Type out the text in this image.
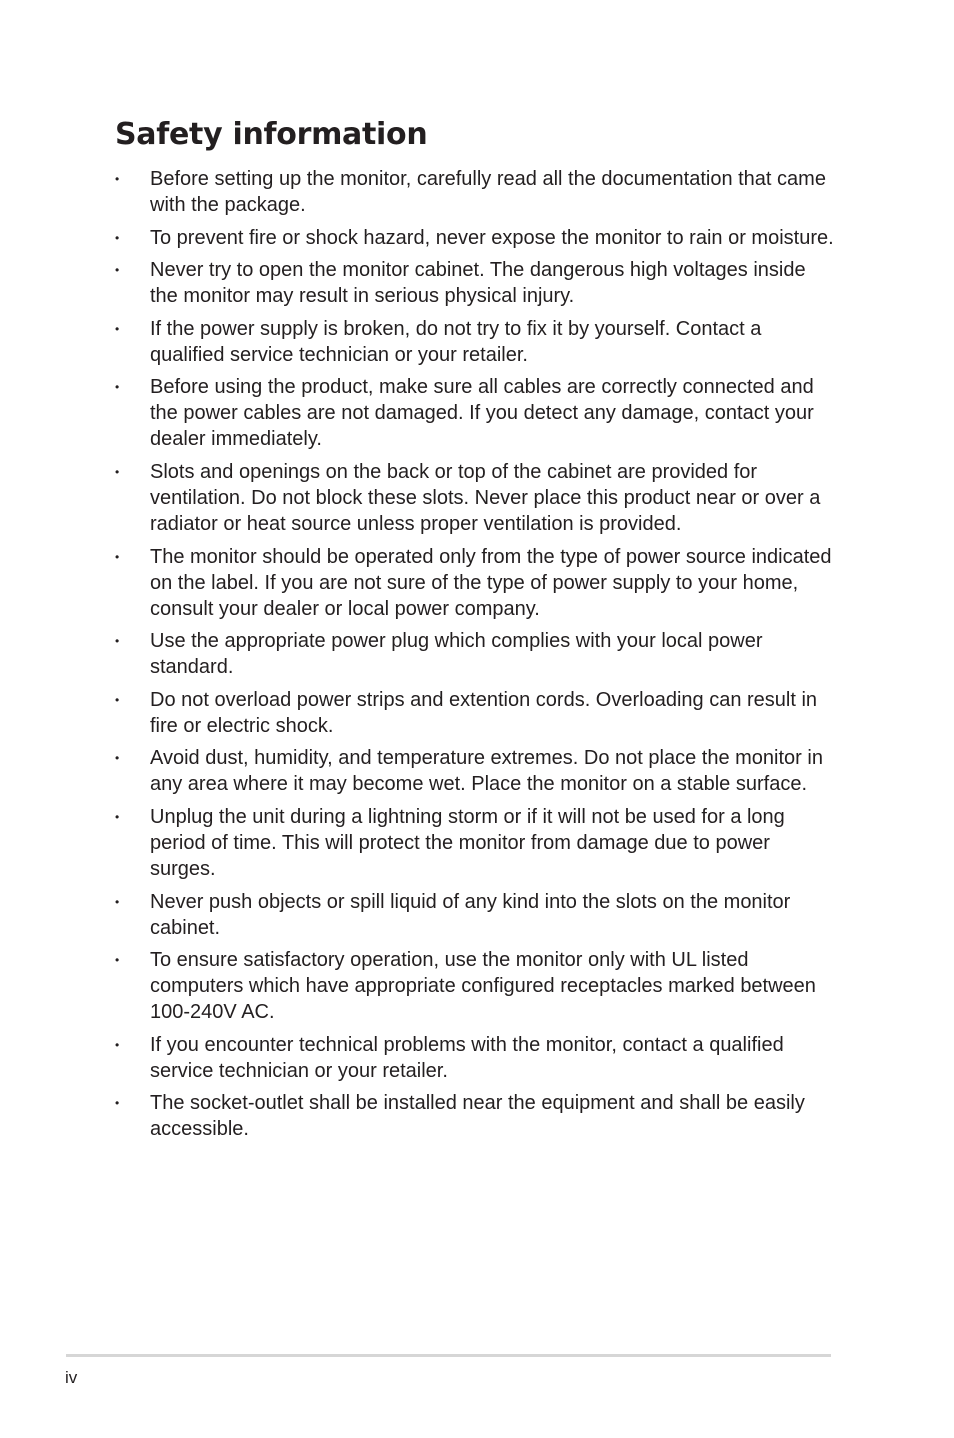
Safety information
• Before setting up the monitor, carefully read all the documentation that came with the package.
• To prevent fire or shock hazard, never expose the monitor to rain or moisture.
• Never try to open the monitor cabinet. The dangerous high voltages inside the monitor may result in serious physical injury.
• If the power supply is broken, do not try to fix it by yourself. Contact a qualified service technician or your retailer.
• Before using the product, make sure all cables are correctly connected and the power cables are not damaged. If you detect any damage, contact your dealer immediately.
• Slots and openings on the back or top of the cabinet are provided for ventilation. Do not block these slots. Never place this product near or over a radiator or heat source unless proper ventilation is provided.
• The monitor should be operated only from the type of power source indicated on the label. If you are not sure of the type of power supply to your home, consult your dealer or local power company.
• Use the appropriate power plug which complies with your local power standard.
• Do not overload power strips and extention cords. Overloading can result in fire or electric shock.
• Avoid dust, humidity, and temperature extremes. Do not place the monitor in any area where it may become wet. Place the monitor on a stable surface.
• Unplug the unit during a lightning storm or if it will not be used for a long period of time. This will protect the monitor from damage due to power surges.
• Never push objects or spill liquid of any kind into the slots on the monitor cabinet.
• To ensure satisfactory operation, use the monitor only with UL listed computers which have appropriate configured receptacles marked between 100-240V AC.
• If you encounter technical problems with the monitor, contact a qualified service technician or your retailer.
• The socket-outlet shall be installed near the equipment and shall be easily accessible.
iv
